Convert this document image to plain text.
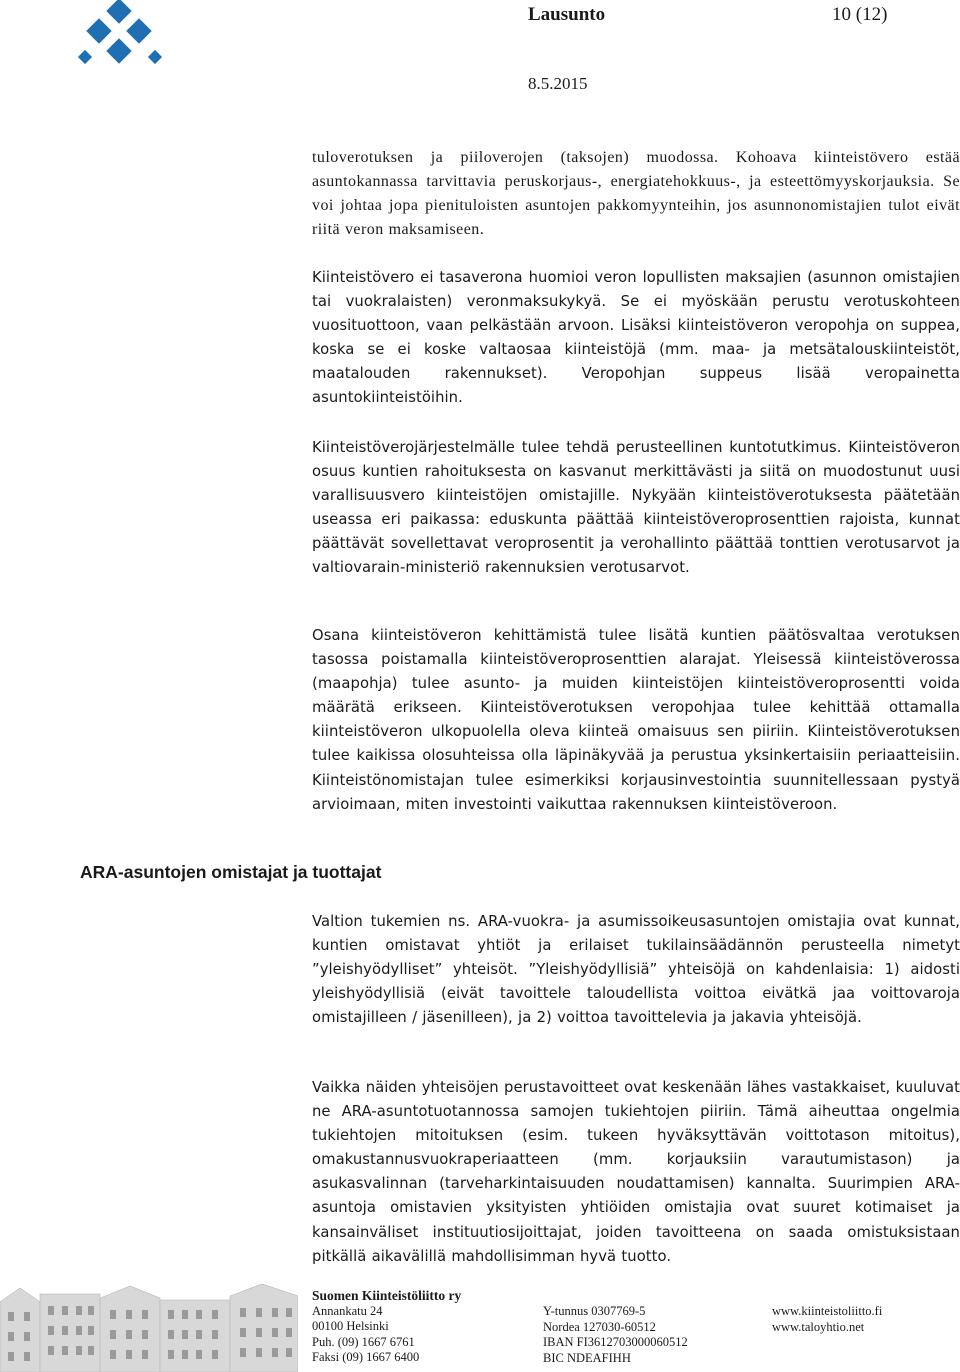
Lausunto	10 (12)
8.5.2015

tuloverotuksen ja piiloverojen (taksojen) muodossa. Kohoava kiinteistövero estää asuntokannassa tarvittavia peruskorjaus-, energiatehokkuus-, ja esteettömyyskorjauksia. Se voi johtaa jopa pienituloisten asuntojen pakkomyynteihin, jos asunnonomistajien tulot eivät riitä veron maksamiseen.

Kiinteistövero ei tasaverona huomioi veron lopullisten maksajien (asunnon omistajien tai vuokralaisten) veronmaksukykyä. Se ei myöskään perustu verotuskohteen vuosituottoon, vaan pelkästään arvoon. Lisäksi kiinteistöveron veropohja on suppea, koska se ei koske valtaosaa kiinteistöjä (mm. maa- ja metsätalouskiinteistöt, maatalouden rakennukset). Veropohjan suppeus lisää veropainetta asuntokiinteistöihin.

Kiinteistöverojärjestelmälle tulee tehdä perusteellinen kuntotutkimus. Kiinteistöveron osuus kuntien rahoituksesta on kasvanut merkittävästi ja siitä on muodostunut uusi varallisuusvero kiinteistöjen omistajille. Nykyään kiinteistöverotuksesta päätetään useassa eri paikassa: eduskunta päättää kiinteistöveroprosenttien rajoista, kunnat päättävät sovellettavat veroprosentit ja verohallinto päättää tonttien verotusarvot ja valtiovarain-ministeriö rakennuksien verotusarvot.

Osana kiinteistöveron kehittämistä tulee lisätä kuntien päätösvaltaa verotuksen tasossa poistamalla kiinteistöveroprosenttien alarajat. Yleisessä kiinteistöverossa (maapohja) tulee asunto- ja muiden kiinteistöjen kiinteistöveroprosentti voida määrätä erikseen. Kiinteistöverotuksen veropohjaa tulee kehittää ottamalla kiinteistöveron ulkopuolella oleva kiinteä omaisuus sen piiriin. Kiinteistöverotuksen tulee kaikissa olosuhteissa olla läpinäkyvää ja perustua yksinkertaisiin periaatteisiin. Kiinteistönomistajan tulee esimerkiksi korjausinvestointia suunnitellessaan pystyä arvioimaan, miten investointi vaikuttaa rakennuksen kiinteistöveroon.

ARA-asuntojen omistajat ja tuottajat

Valtion tukemien ns. ARA-vuokra- ja asumissoikeusasuntojen omistajia ovat kunnat, kuntien omistavat yhtiöt ja erilaiset tukilainsäädännön perusteella nimetyt ”yleishyödylliset” yhteisöt. ”Yleishyödyllisiä” yhteisöjä on kahdenlaisia: 1) aidosti yleishyödyllisiä (eivät tavoittele taloudellista voittoa eivätkä jaa voittovaroja omistajilleen / jäsenilleen), ja 2) voittoa tavoittelevia ja jakavia yhteisöjä.

Vaikka näiden yhteisöjen perustavoitteet ovat keskenään lähes vastakkaiset, kuuluvat ne ARA-asuntotuotannossa samojen tukiehtojen piiriin. Tämä aiheuttaa ongelmia tukiehtojen mitoituksen (esim. tukeen hyväksyttävän voittotason mitoitus), omakustannusvuokraperiaatteen (mm. korjauksiin varautumistason) ja asukasvalinnan (tarveharkintaisuuden noudattamisen) kannalta. Suurimpien ARA-asuntoja omistavien yksityisten yhtiöiden omistajia ovat suuret kotimaiset ja kansainväliset instituutiosijoittajat, joiden tavoitteena on saada omistuksistaan pitkällä aikavälillä mahdollisimman hyvä tuotto.

Suomen Kiinteistöliitto ry
Annankatu 24
00100 Helsinki
Puh. (09) 1667 6761
Faksi (09) 1667 6400
Y-tunnus 0307769-5
Nordea 127030-60512
IBAN FI3612703000060512
BIC NDEAFIHH
www.kiinteistoliitto.fi
www.taloyhtio.net
